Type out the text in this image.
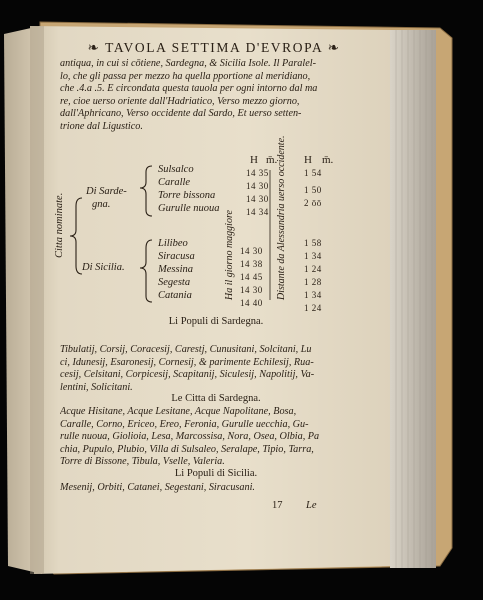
❧ TAVOLA SETTIMA D'EVROPA ❧
antiqua, in cui si cōtiene, Sardegna, & Sicilia Isole. Il Paralel-
lo, che gli passa per mezzo ha quella pportione al meridiano,
che .4.a .5. E circondata questa tauola per ogni intorno dal ma
re, cioe uerso oriente dall'Hadriatico, Verso mezzo giorno,
dall'Aphricano, Verso occidente dal Sardo, Et uerso setten-
trione dal Ligustico.
Citta nominate.
Di Sarde-
gna.
Di Sicilia.
H m̄. H m̄.
Ha il giorno maggiore	Distante da Alessandria uerso occidente.
Sulsalco
Caralle
Torre bissona
Gurulle nuoua
14 35
14 30
14 30
14 34
1 54
1 50
2 ōō
Lilibeo
Siracusa
Messina
Segesta
Catania
14 30
14 38
14 45
14 30
14 40
1 58
1 34
1 24
1 28
1 34
1 24
Li Populi di Sardegna.
Tibulatij, Corsij, Coracesij, Carestj, Cunusitani, Solcitani, Lu
ci, Idunesij, Esaronesij, Cornesij, & parimente Echilesij, Rua-
cesij, Celsitani, Corpicesij, Scapitanij, Siculesij, Napolitij, Va-
lentini, Solicitani.
Le Citta di Sardegna.
Acque Hisitane, Acque Lesitane, Acque Napolitane, Bosa,
Caralle, Corno, Ericeo, Ereo, Feronia, Gurulle uecchia, Gu-
rulle nuoua, Giolioia, Lesa, Marcossisa, Nora, Osea, Olbia, Pa
chia, Pupulo, Plubio, Villa di Sulsaleo, Seralape, Tipio, Tarra,
Torre di Bissone, Tibula, Vselle, Valeria.
Li Populi di Sicilia.
Mesenij, Orbiti, Catanei, Segestani, Siracusani.
17 Le
